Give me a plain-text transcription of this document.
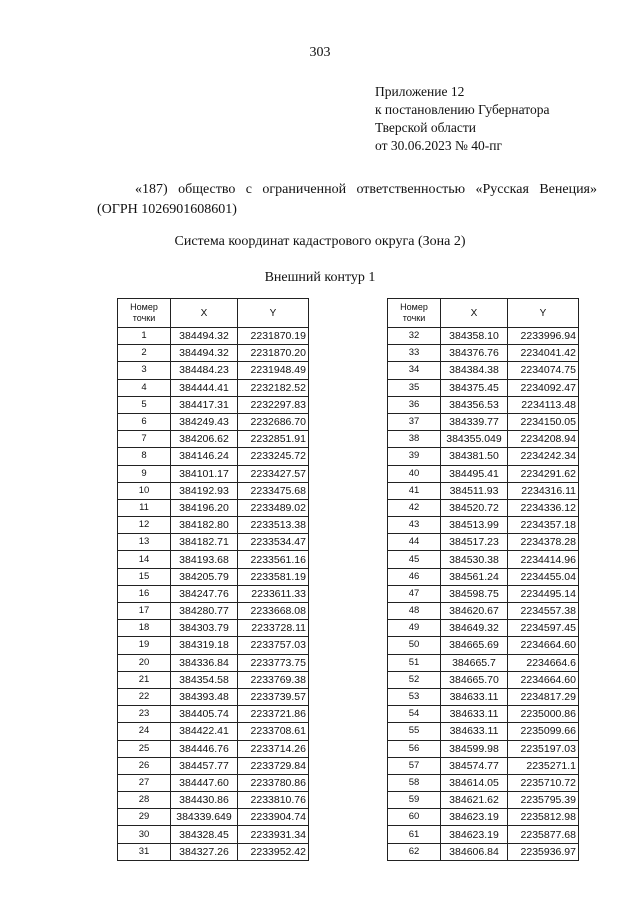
303
Приложение 12
к постановлению Губернатора
Тверской области
от 30.06.2023 № 40-пг
«187) общество с ограниченной ответственностью «Русская Венеция»
(ОГРН 1026901608601)
Система координат кадастрового округа (Зона 2)
Внешний контур 1
Номер
точки	X	Y
1	384494.32	2231870.19
2	384494.32	2231870.20
3	384484.23	2231948.49
4	384444.41	2232182.52
5	384417.31	2232297.83
6	384249.43	2232686.70
7	384206.62	2232851.91
8	384146.24	2233245.72
9	384101.17	2233427.57
10	384192.93	2233475.68
11	384196.20	2233489.02
12	384182.80	2233513.38
13	384182.71	2233534.47
14	384193.68	2233561.16
15	384205.79	2233581.19
16	384247.76	2233611.33
17	384280.77	2233668.08
18	384303.79	2233728.11
19	384319.18	2233757.03
20	384336.84	2233773.75
21	384354.58	2233769.38
22	384393.48	2233739.57
23	384405.74	2233721.86
24	384422.41	2233708.61
25	384446.76	2233714.26
26	384457.77	2233729.84
27	384447.60	2233780.86
28	384430.86	2233810.76
29	384339.649	2233904.74
30	384328.45	2233931.34
31	384327.26	2233952.42
Номер
точки	X	Y
32	384358.10	2233996.94
33	384376.76	2234041.42
34	384384.38	2234074.75
35	384375.45	2234092.47
36	384356.53	2234113.48
37	384339.77	2234150.05
38	384355.049	2234208.94
39	384381.50	2234242.34
40	384495.41	2234291.62
41	384511.93	2234316.11
42	384520.72	2234336.12
43	384513.99	2234357.18
44	384517.23	2234378.28
45	384530.38	2234414.96
46	384561.24	2234455.04
47	384598.75	2234495.14
48	384620.67	2234557.38
49	384649.32	2234597.45
50	384665.69	2234664.60
51	384665.7	2234664.6
52	384665.70	2234664.60
53	384633.11	2234817.29
54	384633.11	2235000.86
55	384633.11	2235099.66
56	384599.98	2235197.03
57	384574.77	2235271.1
58	384614.05	2235710.72
59	384621.62	2235795.39
60	384623.19	2235812.98
61	384623.19	2235877.68
62	384606.84	2235936.97
